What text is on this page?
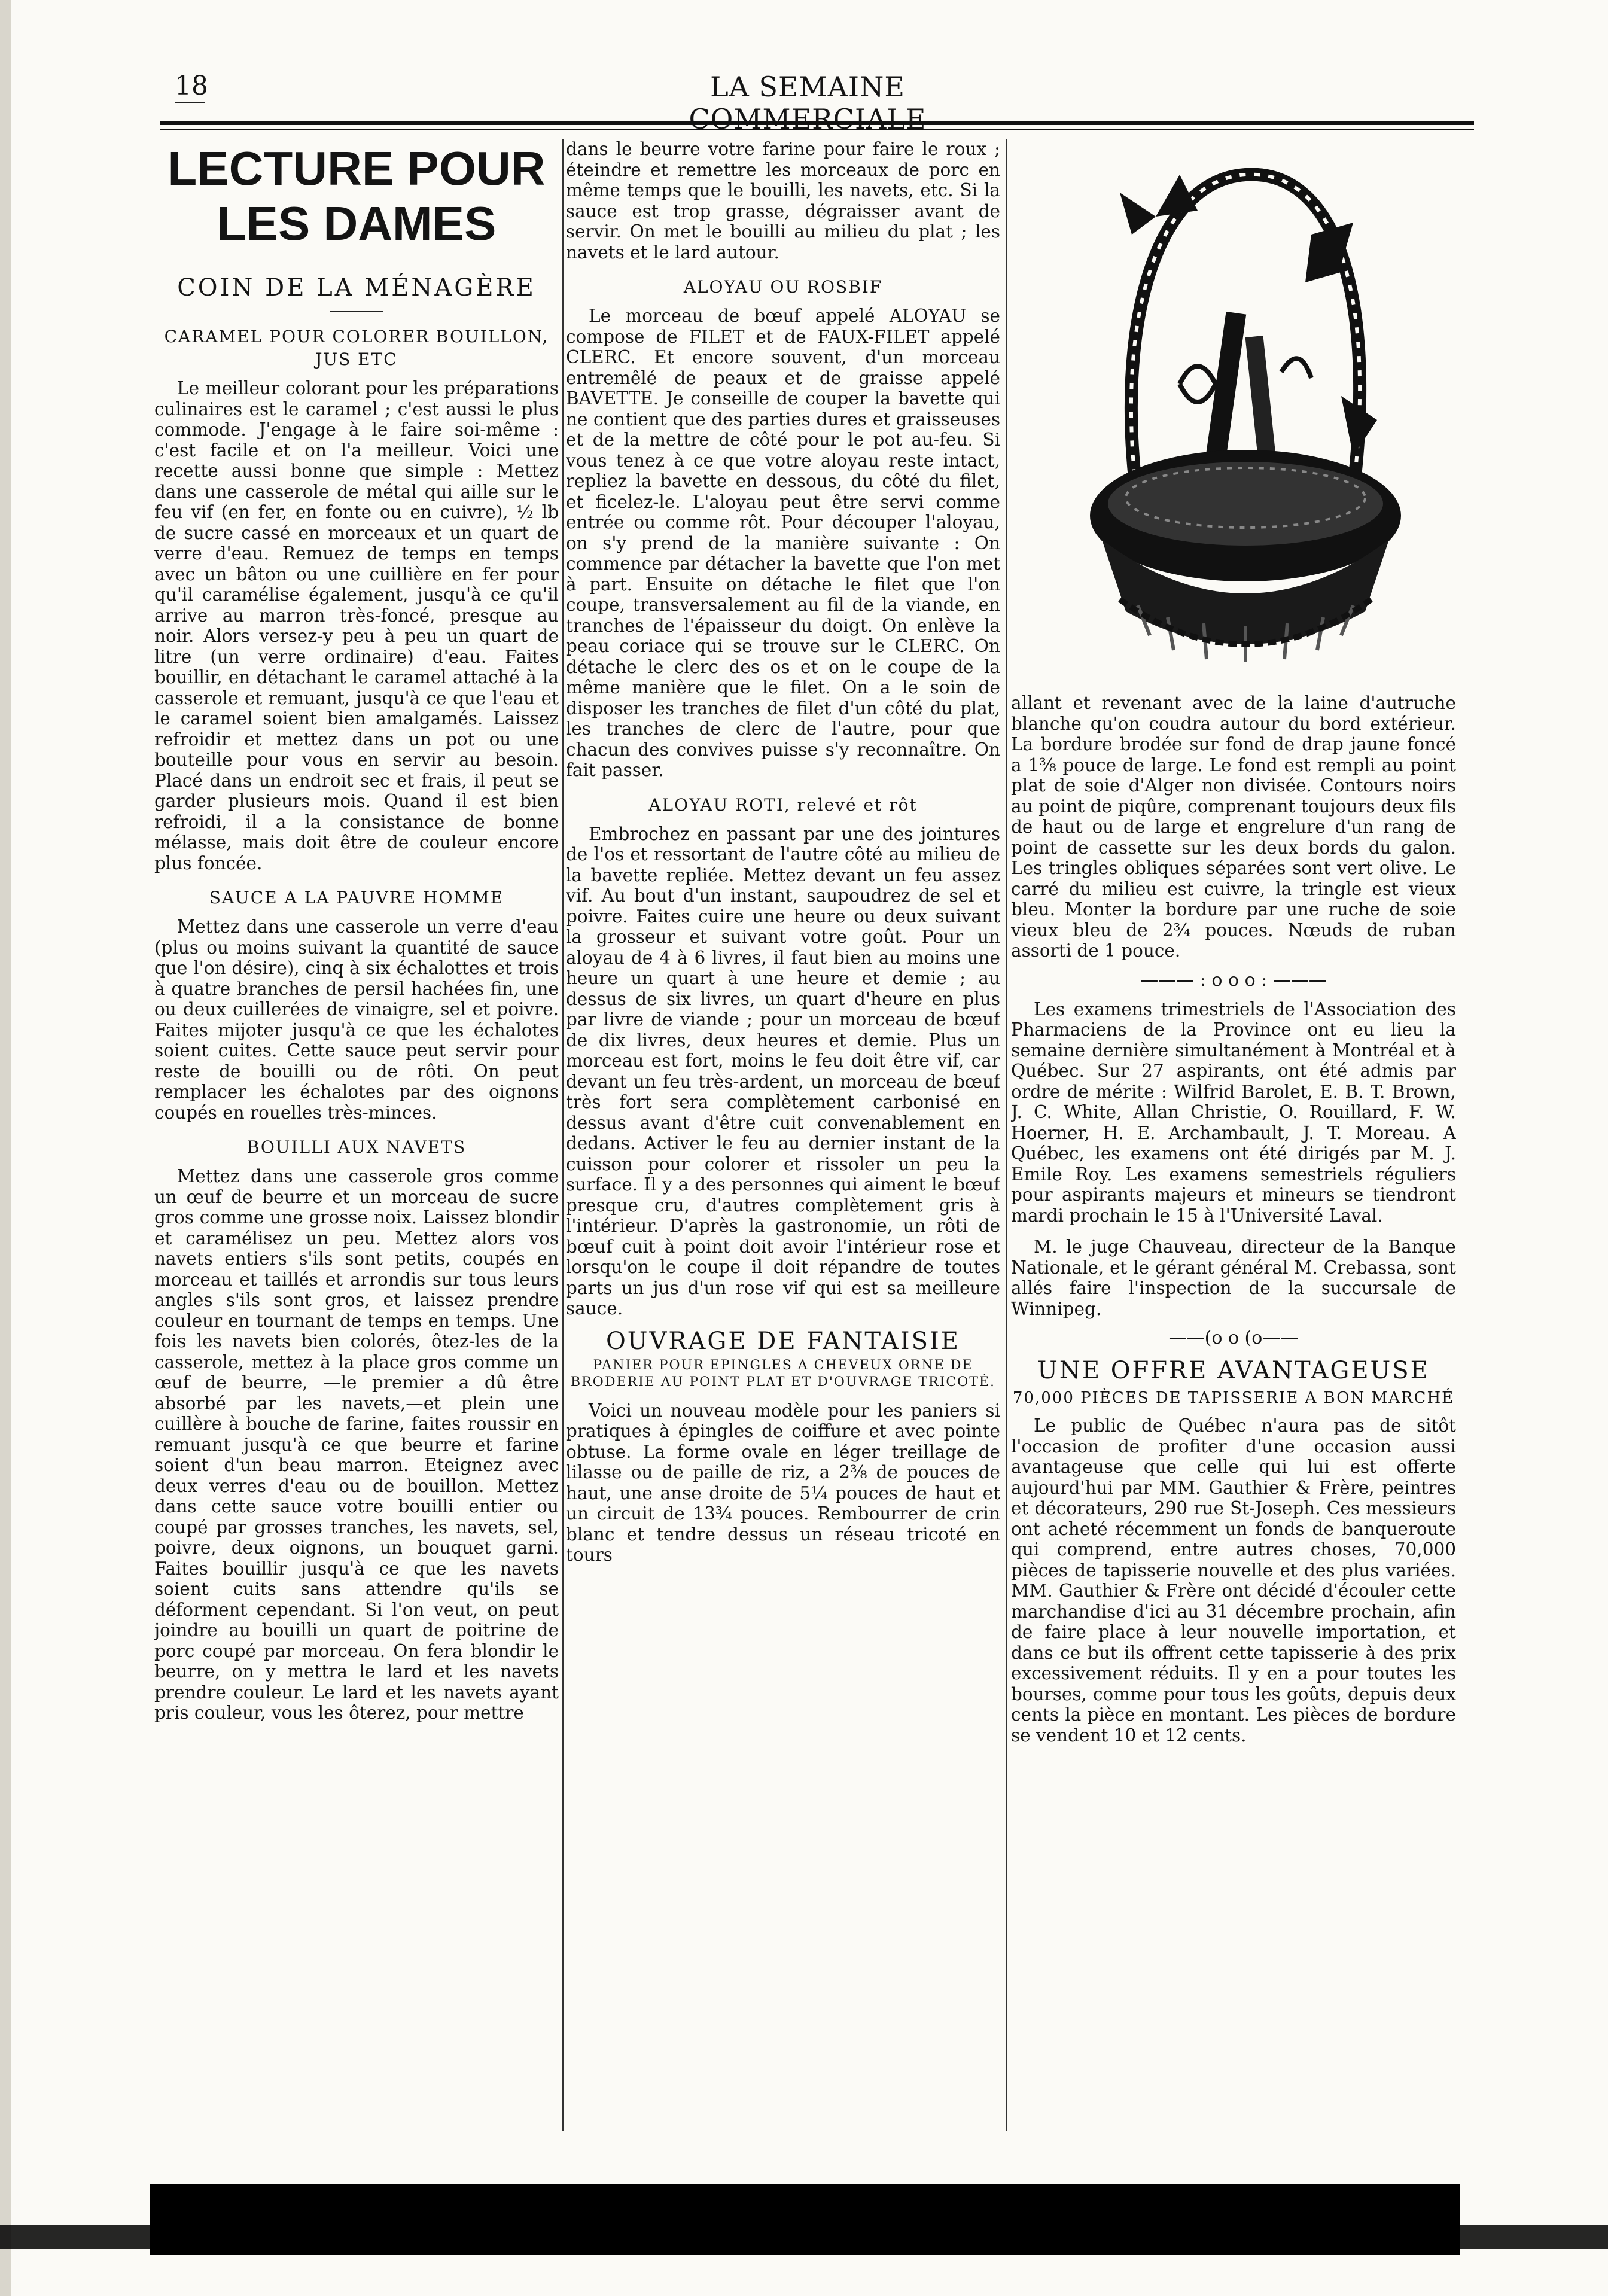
18	LA SEMAINE COMMERCIALE
LECTURE POUR LES DAMES
COIN DE LA MÉNAGÈRE
CARAMEL POUR COLORER BOUILLON, JUS ETC

Le meilleur colorant pour les préparations culinaires est le caramel ; c'est aussi le plus commode. J'engage à le faire soi-même : c'est facile et on l'a meilleur. Voici une recette aussi bonne que simple : Mettez dans une casserole de métal qui aille sur le feu vif (en fer, en fonte ou en cuivre), ½ lb de sucre cassé en morceaux et un quart de verre d'eau. Remuez de temps en temps avec un bâton ou une cuillière en fer pour qu'il caramélise également, jusqu'à ce qu'il arrive au marron très-foncé, presque au noir. Alors versez-y peu à peu un quart de litre (un verre ordinaire) d'eau. Faites bouillir, en détachant le caramel attaché à la casserole et remuant, jusqu'à ce que l'eau et le caramel soient bien amalgamés. Laissez refroidir et mettez dans un pot ou une bouteille pour vous en servir au besoin. Placé dans un endroit sec et frais, il peut se garder plusieurs mois. Quand il est bien refroidi, il a la consistance de bonne mélasse, mais doit être de couleur encore plus foncée.

SAUCE A LA PAUVRE HOMME

Mettez dans une casserole un verre d'eau (plus ou moins suivant la quantité de sauce que l'on désire), cinq à six échalottes et trois à quatre branches de persil hachées fin, une ou deux cuillerées de vinaigre, sel et poivre. Faites mijoter jusqu'à ce que les échalotes soient cuites. Cette sauce peut servir pour reste de bouilli ou de rôti. On peut remplacer les échalotes par des oignons coupés en rouelles très-minces.

BOUILLI AUX NAVETS

Mettez dans une casserole gros comme un œuf de beurre et un morceau de sucre gros comme une grosse noix. Laissez blondir et caramélisez un peu. Mettez alors vos navets entiers s'ils sont petits, coupés en morceau et taillés et arrondis sur tous leurs angles s'ils sont gros, et laissez prendre couleur en tournant de temps en temps. Une fois les navets bien colorés, ôtez-les de la casserole, mettez à la place gros comme un œuf de beurre, —le premier a dû être absorbé par les navets,—et plein une cuillère à bouche de farine, faites roussir en remuant jusqu'à ce que beurre et farine soient d'un beau marron. Eteignez avec deux verres d'eau ou de bouillon. Mettez dans cette sauce votre bouilli entier ou coupé par grosses tranches, les navets, sel, poivre, deux oignons, un bouquet garni. Faites bouillir jusqu'à ce que les navets soient cuits sans attendre qu'ils se déforment cependant. Si l'on veut, on peut joindre au bouilli un quart de poitrine de porc coupé par morceau. On fera blondir le beurre, on y mettra le lard et les navets prendre couleur. Le lard et les navets ayant pris couleur, vous les ôterez, pour mettre

dans le beurre votre farine pour faire le roux ; éteindre et remettre les morceaux de porc en même temps que le bouilli, les navets, etc. Si la sauce est trop grasse, dégraisser avant de servir. On met le bouilli au milieu du plat ; les navets et le lard autour.

ALOYAU OU ROSBIF

Le morceau de bœuf appelé ALOYAU se compose de FILET et de FAUX-FILET appelé CLERC. Et encore souvent, d'un morceau entremêlé de peaux et de graisse appelé BAVETTE. Je conseille de couper la bavette qui ne contient que des parties dures et graisseuses et de la mettre de côté pour le pot au-feu. Si vous tenez à ce que votre aloyau reste intact, repliez la bavette en dessous, du côté du filet, et ficelez-le. L'aloyau peut être servi comme entrée ou comme rôt. Pour découper l'aloyau, on s'y prend de la manière suivante : On commence par détacher la bavette que l'on met à part. Ensuite on détache le filet que l'on coupe, transversalement au fil de la viande, en tranches de l'épaisseur du doigt. On enlève la peau coriace qui se trouve sur le CLERC. On détache le clerc des os et on le coupe de la même manière que le filet. On a le soin de disposer les tranches de filet d'un côté du plat, les tranches de clerc de l'autre, pour que chacun des convives puisse s'y reconnaître. On fait passer.

ALOYAU ROTI, relevé et rôt

Embrochez en passant par une des jointures de l'os et ressortant de l'autre côté au milieu de la bavette repliée. Mettez devant un feu assez vif. Au bout d'un instant, saupoudrez de sel et poivre. Faites cuire une heure ou deux suivant la grosseur et suivant votre goût. Pour un aloyau de 4 à 6 livres, il faut bien au moins une heure un quart à une heure et demie ; au dessus de six livres, un quart d'heure en plus par livre de viande ; pour un morceau de bœuf de dix livres, deux heures et demie. Plus un morceau est fort, moins le feu doit être vif, car devant un feu très-ardent, un morceau de bœuf très fort sera complètement carbonisé en dessus avant d'être cuit convenablement en dedans. Activer le feu au dernier instant de la cuisson pour colorer et rissoler un peu la surface. Il y a des personnes qui aiment le bœuf presque cru, d'autres complètement gris à l'intérieur. D'après la gastronomie, un rôti de bœuf cuit à point doit avoir l'intérieur rose et lorsqu'on le coupe il doit répandre de toutes parts un jus d'un rose vif qui est sa meilleure sauce.

OUVRAGE DE FANTAISIE
PANIER POUR EPINGLES A CHEVEUX ORNE DE BRODERIE AU POINT PLAT ET D'OUVRAGE TRICOTÉ.

Voici un nouveau modèle pour les paniers si pratiques à épingles de coiffure et avec pointe obtuse. La forme ovale en léger treillage de lilasse ou de paille de riz, a 2⅜ de pouces de haut, une anse droite de 5¼ pouces de haut et un circuit de 13¾ pouces. Rembourrer de crin blanc et tendre dessus un réseau tricoté en tours

allant et revenant avec de la laine d'autruche blanche qu'on coudra autour du bord extérieur. La bordure brodée sur fond de drap jaune foncé a 1⅜ pouce de large. Le fond est rempli au point plat de soie d'Alger non divisée. Contours noirs au point de piqûre, comprenant toujours deux fils de haut ou de large et engrelure d'un rang de point de cassette sur les deux bords du galon. Les tringles obliques séparées sont vert olive. Le carré du milieu est cuivre, la tringle est vieux bleu. Monter la bordure par une ruche de soie vieux bleu de 2¾ pouces. Nœuds de ruban assorti de 1 pouce.

——— : o o o : ———

Les examens trimestriels de l'Association des Pharmaciens de la Province ont eu lieu la semaine dernière simultanément à Montréal et à Québec. Sur 27 aspirants, ont été admis par ordre de mérite : Wilfrid Barolet, E. B. T. Brown, J. C. White, Allan Christie, O. Rouillard, F. W. Hoerner, H. E. Archambault, J. T. Moreau. A Québec, les examens ont été dirigés par M. J. Emile Roy. Les examens semestriels réguliers pour aspirants majeurs et mineurs se tiendront mardi prochain le 15 à l'Université Laval.

M. le juge Chauveau, directeur de la Banque Nationale, et le gérant général M. Crebassa, sont allés faire l'inspection de la succursale de Winnipeg.

——(o o (o——
UNE OFFRE AVANTAGEUSE
70,000 PIÈCES DE TAPISSERIE A BON MARCHÉ

Le public de Québec n'aura pas de sitôt l'occasion de profiter d'une occasion aussi avantageuse que celle qui lui est offerte aujourd'hui par MM. Gauthier & Frère, peintres et décorateurs, 290 rue St-Joseph. Ces messieurs ont acheté récemment un fonds de banqueroute qui comprend, entre autres choses, 70,000 pièces de tapisserie nouvelle et des plus variées. MM. Gauthier & Frère ont décidé d'écouler cette marchandise d'ici au 31 décembre prochain, afin de faire place à leur nouvelle importation, et dans ce but ils offrent cette tapisserie à des prix excessivement réduits. Il y en a pour toutes les bourses, comme pour tous les goûts, depuis deux cents la pièce en montant. Les pièces de bordure se vendent 10 et 12 cents.
